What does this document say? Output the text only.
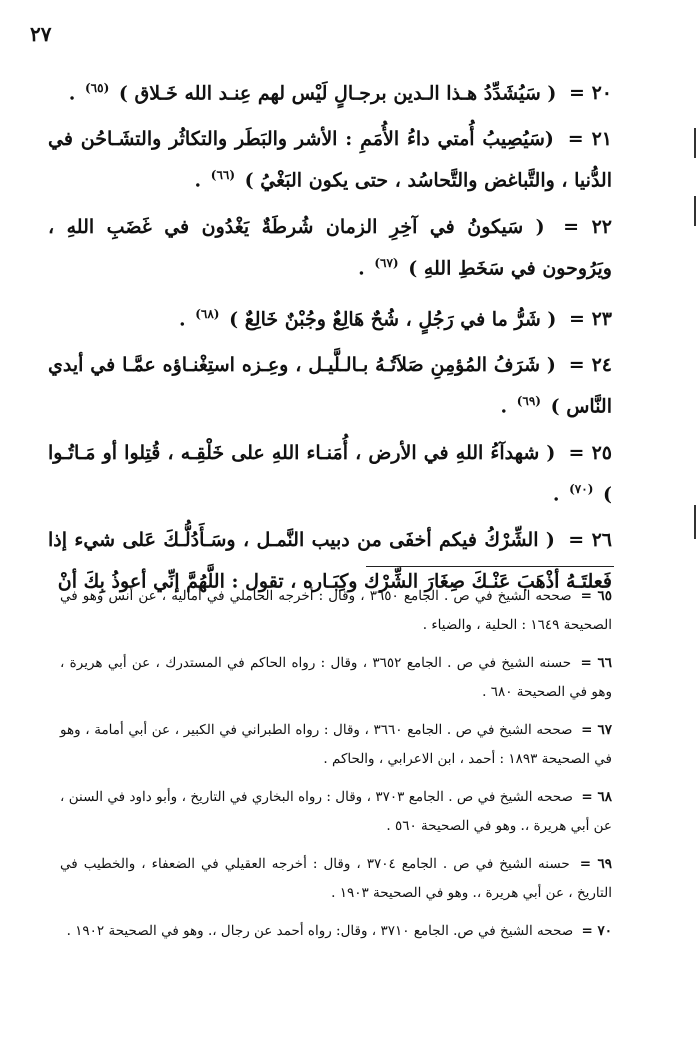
٢٧

٢٠ = ( سَيُشَدِّدُ هـذا الـدين برجـالٍ لَيْس لهم عِنـد الله خَـلاق ) $^{(٦٥)}$ .

٢١ = (سَيُصِيبُ أُمتي داءُ الأُمَمِ : الأشر والبَطَر والتكاثُر والتشَـاحُن في الدُّنيا ، والتَّباغض والتَّحاسُد ، حتى يكون البَغْيُ ) $^{(٦٦)}$ .

٢٢ = ( سَيكونُ في آخِرِ الزمان شُرطَةٌ يَغْدُون في غَضَبِ اللهِ ، ويَرُوحون في سَخَطِ اللهِ ) $^{(٦٧)}$ .

٢٣ = ( شَرُّ ما في رَجُلٍ ، شُحٌ هَالِعٌ وجُبْنٌ خَالِعٌ ) $^{(٦٨)}$ .

٢٤ = ( شَرَفُ المُؤمِنِ صَلاَتُـهُ بـالـلَّيـل ، وعِـزه استِغْنـاؤه عمَّـا في أيدي النَّاس ) $^{(٦٩)}$ .

٢٥ = ( شهدآءُ اللهِ في الأرض ، أُمَنـاء اللهِ على خَلْقِـه ، قُتِلوا أو مَـاتُـوا ) $^{(٧٠)}$ .

٢٦ = ( الشِّرْكُ فيكم أخفَى من دبيب النَّمـل ، وسَـأَدُلُّـكَ عَلى شيء إذا فَعلتَـهُ أذْهَبَ عَنْـكَ صِغَارَ الشِّرْك وكِبَـاره ، تقول : اللَّهُمَّ إنِّي أعوذُ بِكَ أنْ

٦٥ = صححه الشيخ في ص . الجامع ٣٦٥٠ ، وقال : أخرجه الحاملي في أماليه ، عن أنس وهو في الصحيحة ١٦٤٩ : الحلية ، والضياء .

٦٦ = حسنه الشيخ في ص . الجامع ٣٦٥٢ ، وقال : رواه الحاكم في المستدرك ، عن أبي هريرة ، وهو في الصحيحة ٦٨٠ .

٦٧ = صححه الشيخ في ص . الجامع ٣٦٦٠ ، وقال : رواه الطبراني في الكبير ، عن أبي أمامة ، وهو في الصحيحة ١٨٩٣ : أحمد ، ابن الاعرابي ، والحاكم .

٦٨ = صححه الشيخ في ص . الجامع ٣٧٠٣ ، وقال : رواه البخاري في التاريخ ، وأبو داود في السنن ، عن أبي هريرة ،. وهو في الصحيحة ٥٦٠ .

٦٩ = حسنه الشيخ في ص . الجامع ٣٧٠٤ ، وقال : أخرجه العقيلي في الضعفاء ، والخطيب في التاريخ ، عن أبي هريرة ،. وهو في الصحيحة ١٩٠٣ .

٧٠ = صححه الشيخ في ص. الجامع ٣٧١٠ ، وقال: رواه أحمد عن رجال ،. وهو في الصحيحة ١٩٠٢ .
